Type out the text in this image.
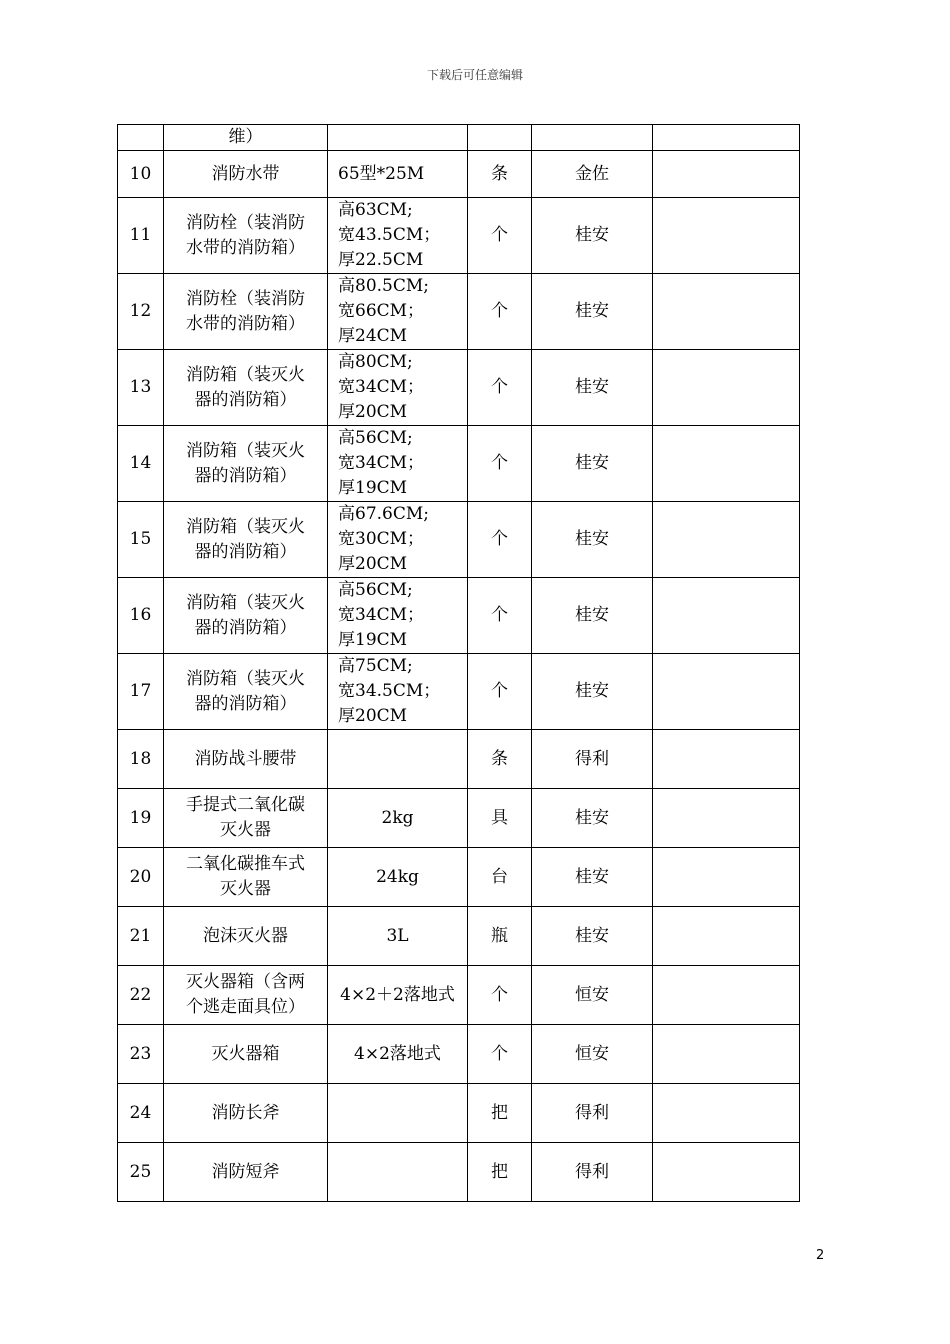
下载后可任意编辑
	维）				
10	消防水带	65型*25M	条	金佐	
11	消防栓（装消防
水带的消防箱）	高63CM;
宽43.5CM；
厚22.5CM	个	桂安	
12	消防栓（装消防
水带的消防箱）	高80.5CM;
宽66CM；
厚24CM	个	桂安	
13	消防箱（装灭火
器的消防箱）	高80CM;
宽34CM；
厚20CM	个	桂安	
14	消防箱（装灭火
器的消防箱）	高56CM;
宽34CM；
厚19CM	个	桂安	
15	消防箱（装灭火
器的消防箱）	高67.6CM;
宽30CM；
厚20CM	个	桂安	
16	消防箱（装灭火
器的消防箱）	高56CM;
宽34CM；
厚19CM	个	桂安	
17	消防箱（装灭火
器的消防箱）	高75CM;
宽34.5CM；
厚20CM	个	桂安	
18	消防战斗腰带		条	得利	
19	手提式二氧化碳
灭火器	2kg	具	桂安	
20	二氧化碳推车式
灭火器	24kg	台	桂安	
21	泡沫灭火器	3L	瓶	桂安	
22	灭火器箱（含两
个逃走面具位）	4×2＋2落地式	个	恒安	
23	灭火器箱	4×2落地式	个	恒安	
24	消防长斧		把	得利	
25	消防短斧		把	得利	
2
